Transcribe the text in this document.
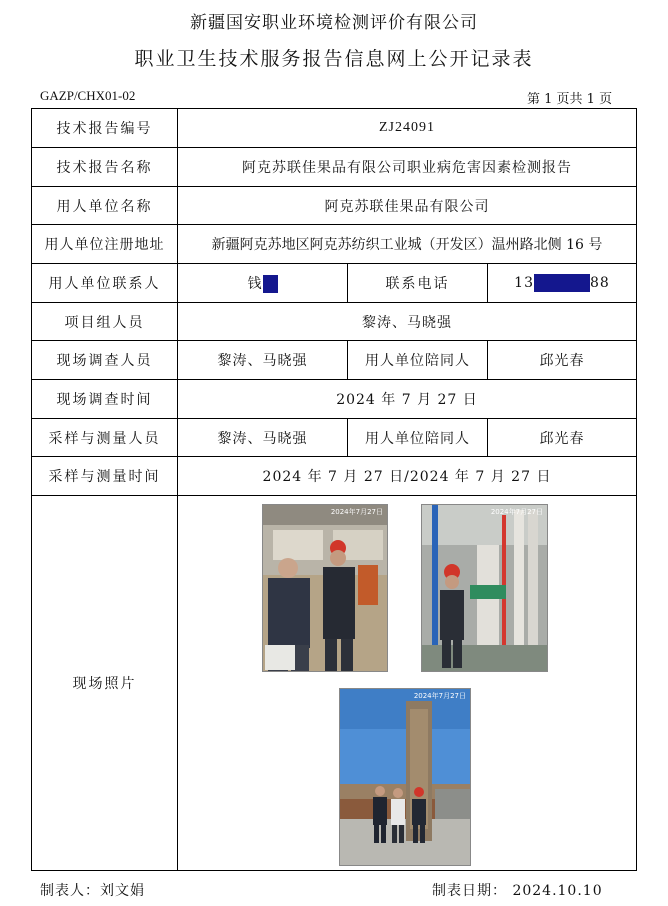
新疆国安职业环境检测评价有限公司
职业卫生技术服务报告信息网上公开记录表
GAZP/CHX01-02	第 1 页共 1 页
技术报告编号	ZJ24091		
技术报告名称	阿克苏联佳果品有限公司职业病危害因素检测报告		
用人单位名称	阿克苏联佳果品有限公司		
用人单位注册地址	新疆阿克苏地区阿克苏纺织工业城（开发区）温州路北侧 16 号		
用人单位联系人	钱	联系电话	13 88
项目组人员	黎涛、马晓强		
现场调查人员	黎涛、马晓强	用人单位陪同人	邱光春
现场调查时间	2024 年 7 月 27 日		
采样与测量人员	黎涛、马晓强	用人单位陪同人	邱光春
采样与测量时间	2024 年 7 月 27 日/2024 年 7 月 27 日		
现场照片	2024年7月27日 2024年7月27日
2024年7月27日		
制表人：刘文娟	制表日期： 2024.10.10
